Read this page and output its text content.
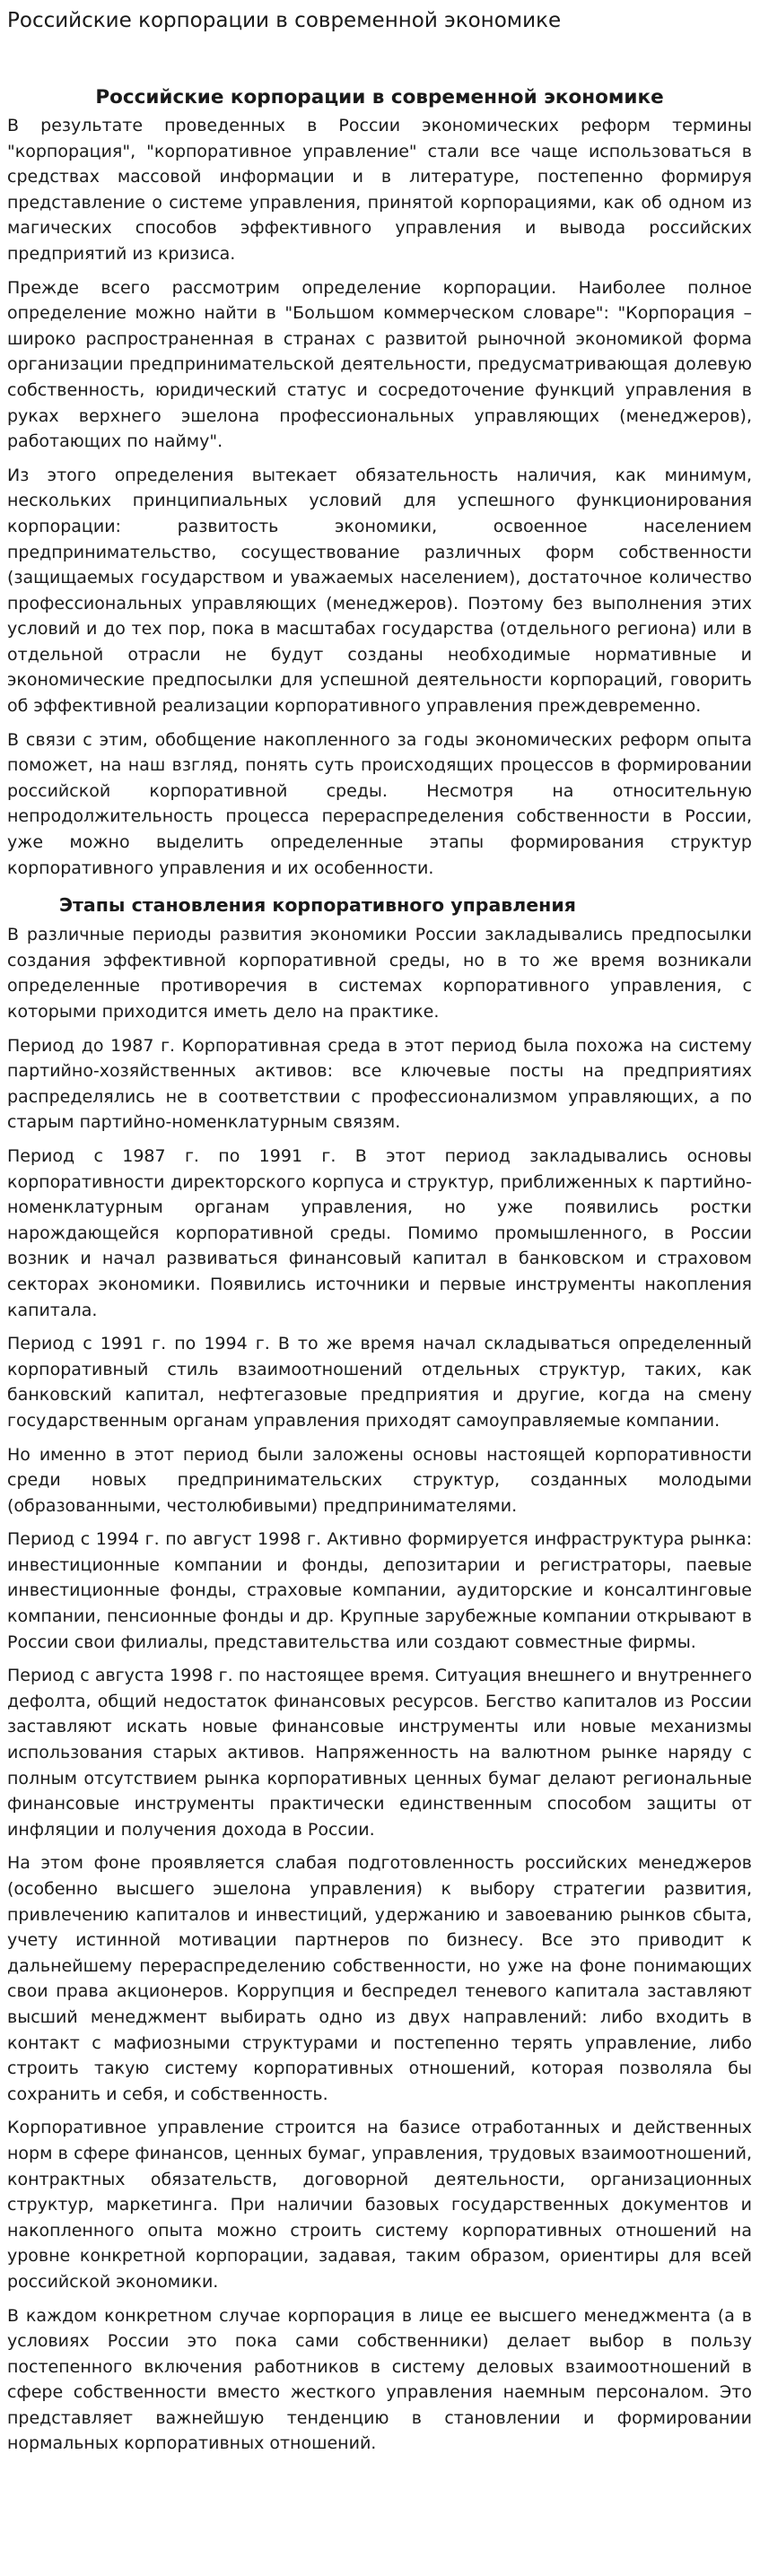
Российские корпорации в современной экономике
Российские корпорации в современной экономике

В результате проведенных в России экономических реформ термины "корпорация", "корпоративное управление" стали все чаще использоваться в средствах массовой информации и в литературе, постепенно формируя представление о системе управления, принятой корпорациями, как об одном из магических способов эффективного управления и вывода российских предприятий из кризиса.

Прежде всего рассмотрим определение корпорации. Наиболее полное определение можно найти в "Большом коммерческом словаре": "Корпорация – широко распространенная в странах с развитой рыночной экономикой форма организации предпринимательской деятельности, предусматривающая долевую собственность, юридический статус и сосредоточение функций управления в руках верхнего эшелона профессиональных управляющих (менеджеров), работающих по найму".

Из этого определения вытекает обязательность наличия, как минимум, нескольких принципиальных условий для успешного функционирования корпорации: развитость экономики, освоенное населением предпринимательство, сосуществование различных форм собственности (защищаемых государством и уважаемых населением), достаточное количество профессиональных управляющих (менеджеров). Поэтому без выполнения этих условий и до тех пор, пока в масштабах государства (отдельного региона) или в отдельной отрасли не будут созданы необходимые нормативные и экономические предпосылки для успешной деятельности корпораций, говорить об эффективной реализации корпоративного управления преждевременно.

В связи с этим, обобщение накопленного за годы экономических реформ опыта поможет, на наш взгляд, понять суть происходящих процессов в формировании российской корпоративной среды. Несмотря на относительную непродолжительность процесса перераспределения собственности в России, уже можно выделить определенные этапы формирования структур корпоративного управления и их особенности.

Этапы становления корпоративного управления

В различные периоды развития экономики России закладывались предпосылки создания эффективной корпоративной среды, но в то же время возникали определенные противоречия в системах корпоративного управления, с которыми приходится иметь дело на практике.

Период до 1987 г. Корпоративная среда в этот период была похожа на систему партийно-хозяйственных активов: все ключевые посты на предприятиях распределялись не в соответствии с профессионализмом управляющих, а по старым партийно-номенклатурным связям.

Период с 1987 г. по 1991 г. В этот период закладывались основы корпоративности директорского корпуса и структур, приближенных к партийно-номенклатурным органам управления, но уже появились ростки нарождающейся корпоративной среды. Помимо промышленного, в России возник и начал развиваться финансовый капитал в банковском и страховом секторах экономики. Появились источники и первые инструменты накопления капитала.

Период с 1991 г. по 1994 г. В то же время начал складываться определенный корпоративный стиль взаимоотношений отдельных структур, таких, как банковский капитал, нефтегазовые предприятия и другие, когда на смену государственным органам управления приходят самоуправляемые компании.

Но именно в этот период были заложены основы настоящей корпоративности среди новых предпринимательских структур, созданных молодыми (образованными, честолюбивыми) предпринимателями.

Период с 1994 г. по август 1998 г. Активно формируется инфраструктура рынка: инвестиционные компании и фонды, депозитарии и регистраторы, паевые инвестиционные фонды, страховые компании, аудиторские и консалтинговые компании, пенсионные фонды и др. Крупные зарубежные компании открывают в России свои филиалы, представительства или создают совместные фирмы.

Период с августа 1998 г. по настоящее время. Ситуация внешнего и внутреннего дефолта, общий недостаток финансовых ресурсов. Бегство капиталов из России заставляют искать новые финансовые инструменты или новые механизмы использования старых активов. Напряженность на валютном рынке наряду с полным отсутствием рынка корпоративных ценных бумаг делают региональные финансовые инструменты практически единственным способом защиты от инфляции и получения дохода в России.

На этом фоне проявляется слабая подготовленность российских менеджеров (особенно высшего эшелона управления) к выбору стратегии развития, привлечению капиталов и инвестиций, удержанию и завоеванию рынков сбыта, учету истинной мотивации партнеров по бизнесу. Все это приводит к дальнейшему перераспределению собственности, но уже на фоне понимающих свои права акционеров. Коррупция и беспредел теневого капитала заставляют высший менеджмент выбирать одно из двух направлений: либо входить в контакт с мафиозными структурами и постепенно терять управление, либо строить такую систему корпоративных отношений, которая позволяла бы сохранить и себя, и собственность.

Корпоративное управление строится на базисе отработанных и действенных норм в сфере финансов, ценных бумаг, управления, трудовых взаимоотношений, контрактных обязательств, договорной деятельности, организационных структур, маркетинга. При наличии базовых государственных документов и накопленного опыта можно строить систему корпоративных отношений на уровне конкретной корпорации, задавая, таким образом, ориентиры для всей российской экономики.

В каждом конкретном случае корпорация в лице ее высшего менеджмента (а в условиях России это пока сами собственники) делает выбор в пользу постепенного включения работников в систему деловых взаимоотношений в сфере собственности вместо жесткого управления наемным персоналом. Это представляет важнейшую тенденцию в становлении и формировании нормальных корпоративных отношений.
